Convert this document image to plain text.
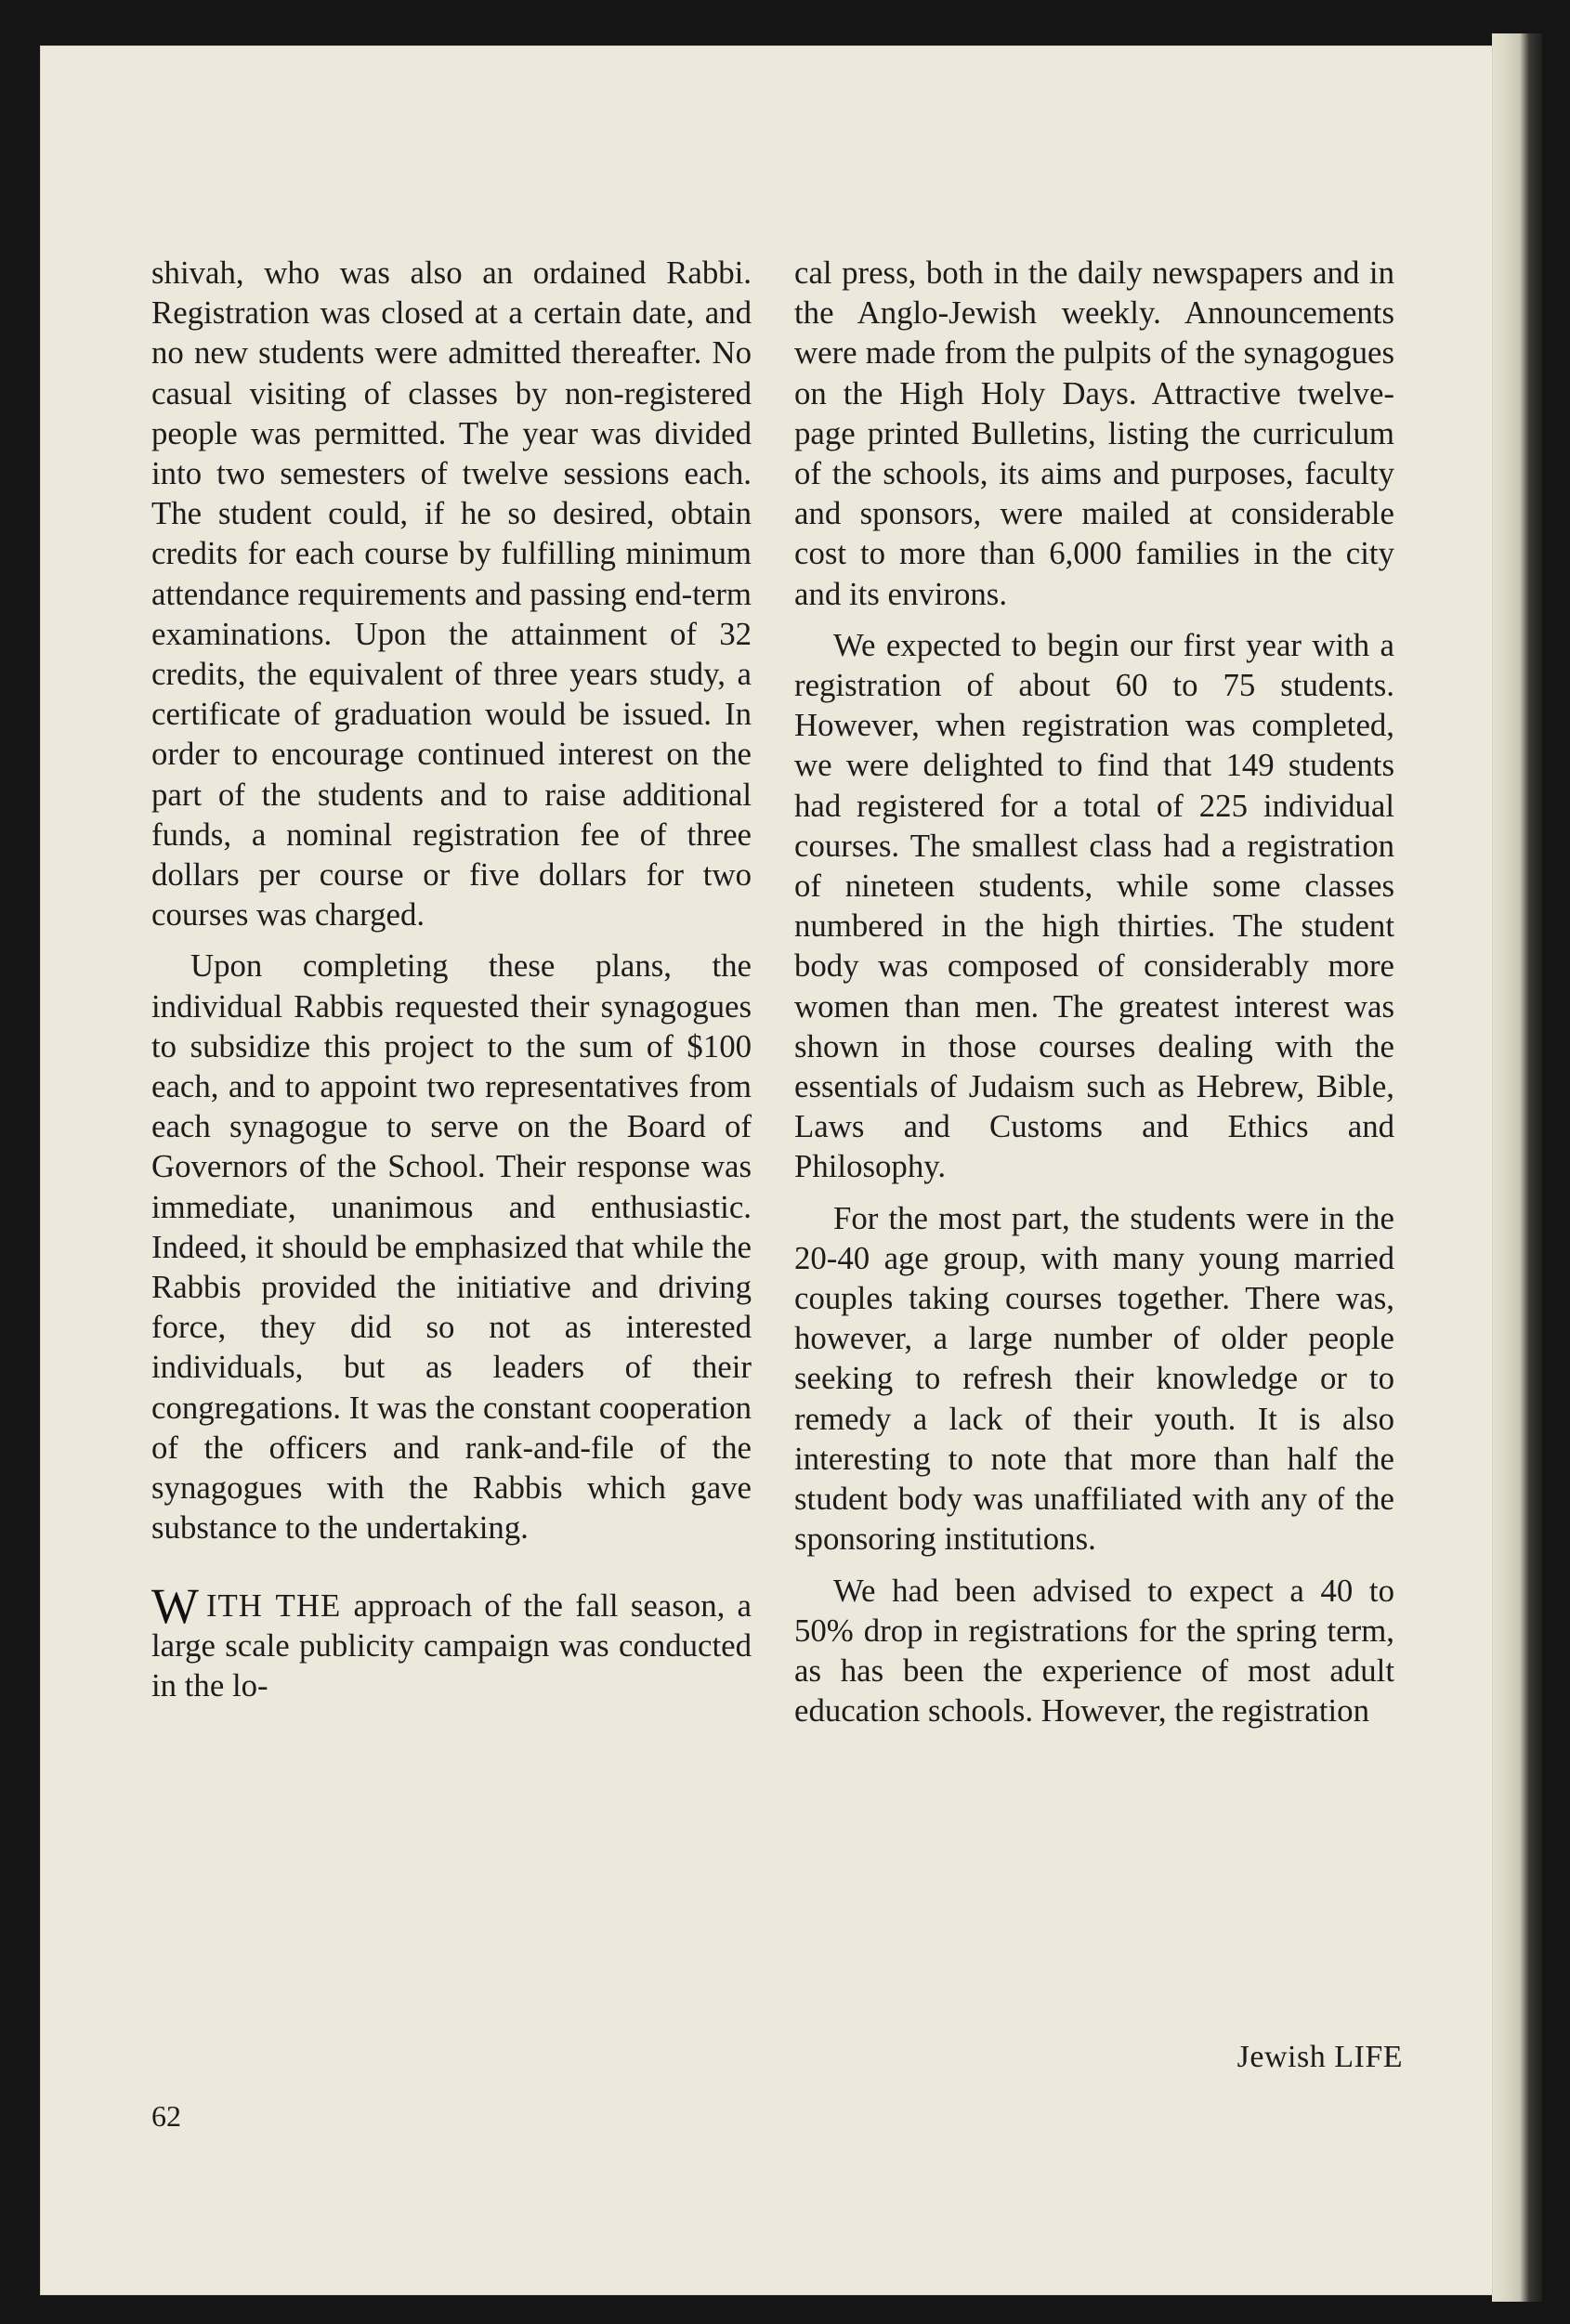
shivah, who was also an ordained Rabbi. Registration was closed at a certain date, and no new students were admitted thereafter. No casual visiting of classes by non-registered people was permitted. The year was divided into two semesters of twelve sessions each. The student could, if he so desired, obtain credits for each course by fulfilling minimum attendance requirements and passing end-term examinations. Upon the attainment of 32 credits, the equivalent of three years study, a certificate of graduation would be issued. In order to encourage continued interest on the part of the students and to raise additional funds, a nominal registration fee of three dollars per course or five dollars for two courses was charged.

Upon completing these plans, the individual Rabbis requested their synagogues to subsidize this project to the sum of $100 each, and to appoint two representatives from each synagogue to serve on the Board of Governors of the School. Their response was immediate, unanimous and enthusiastic. Indeed, it should be emphasized that while the Rabbis provided the initiative and driving force, they did so not as interested individuals, but as leaders of their congregations. It was the constant cooperation of the officers and rank-and-file of the synagogues with the Rabbis which gave substance to the undertaking.

WITH THE approach of the fall season, a large scale publicity campaign was conducted in the lo-

cal press, both in the daily newspapers and in the Anglo-Jewish weekly. Announcements were made from the pulpits of the synagogues on the High Holy Days. Attractive twelve-page printed Bulletins, listing the curriculum of the schools, its aims and purposes, faculty and sponsors, were mailed at considerable cost to more than 6,000 families in the city and its environs.

We expected to begin our first year with a registration of about 60 to 75 students. However, when registration was completed, we were delighted to find that 149 students had registered for a total of 225 individual courses. The smallest class had a registration of nineteen students, while some classes numbered in the high thirties. The student body was composed of considerably more women than men. The greatest interest was shown in those courses dealing with the essentials of Judaism such as Hebrew, Bible, Laws and Customs and Ethics and Philosophy.

For the most part, the students were in the 20-40 age group, with many young married couples taking courses together. There was, however, a large number of older people seeking to refresh their knowledge or to remedy a lack of their youth. It is also interesting to note that more than half the student body was unaffiliated with any of the sponsoring institutions.

We had been advised to expect a 40 to 50% drop in registrations for the spring term, as has been the experience of most adult education schools. However, the registration

62
Jewish LIFE
